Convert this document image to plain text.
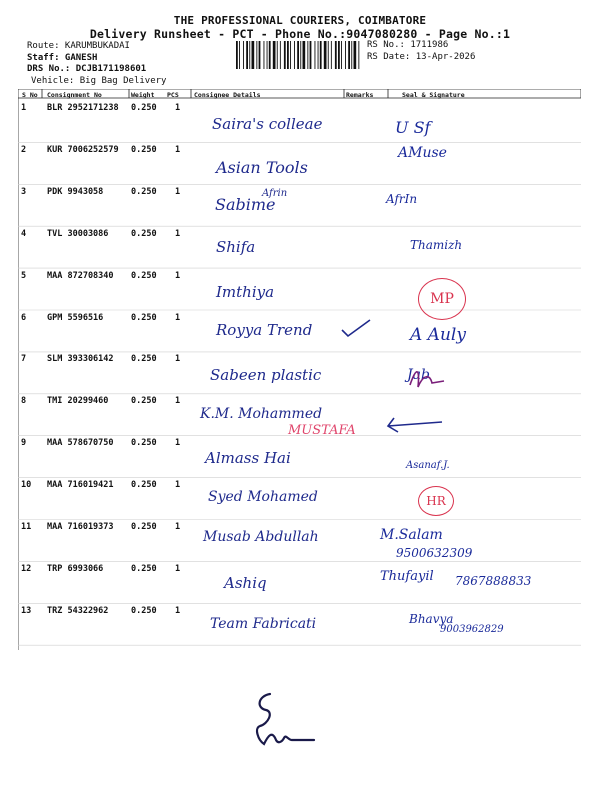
THE PROFESSIONAL COURIERS, COIMBATORE
Delivery Runsheet - PCT - Phone No.:9047080280 - Page No.:1
Route: KARUMBUKADAI
Staff: GANESH
DRS No.: DCJB171198601
Vehicle: Big Bag Delivery
RS No.: 1711986
RS Date: 13-Apr-2026
S No Consignment No	Weight PCS Consignee Details	Remarks	Seal & Signature
1 BLR 2952171238 0.250 1
Saira's colleae	U Sf
2 KUR 7006252579 0.250 1
Asian Tools
AMuse
3 PDK 9943058	0.250 1
Sabime
Afrin	AfrIn
4 TVL 30003086	0.250 1
Shifa	Thamizh
5 MAA 872708340 0.250 1
Imthiya	MP
6 GPM 5596516	0.250 1
Royya Trend	A Auly
7 SLM 393306142 0.250 1
Sabeen plastic	Jab
8 TMI 20299460	0.250 1
K.M. Mohammed
MUSTAFA
9 MAA 578670750 0.250 1
Almass Hai	Asanaf.J.
10 MAA 716019421 0.250 1
Syed Mohamed	HR
11 MAA 716019373 0.250 1
Musab Abdullah	M.Salam
9500632309
12 TRP 6993066	0.250 1
Ashiq	Thufayil 7867888833
13 TRZ 54322962	0.250 1
Team Fabricati	Bhavya
9003962829
